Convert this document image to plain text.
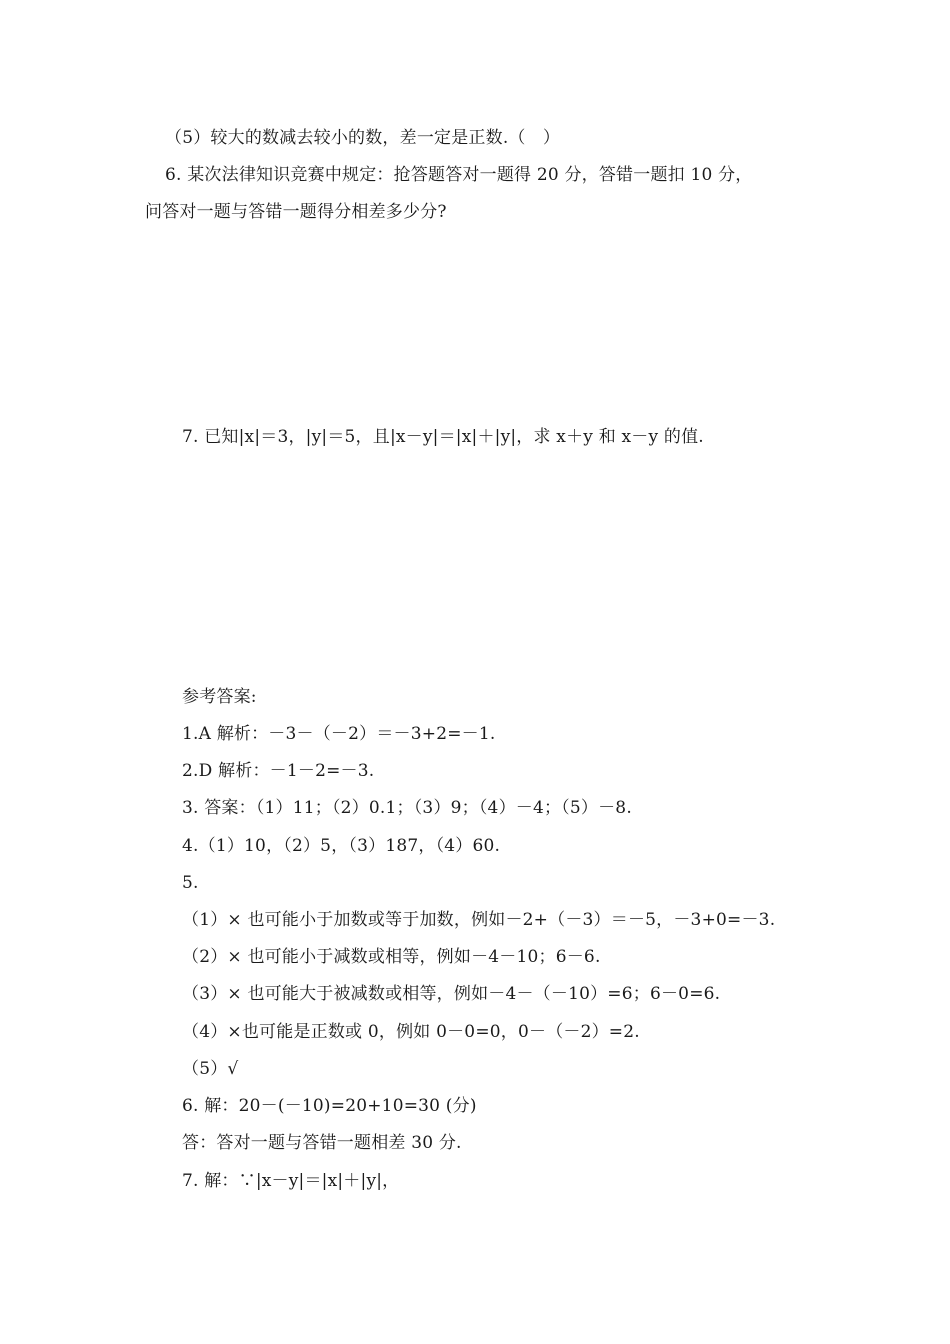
（5）较大的数减去较小的数，差一定是正数.（　）
6. 某次法律知识竞赛中规定：抢答题答对一题得 20 分，答错一题扣 10 分，
问答对一题与答错一题得分相差多少分?
7. 已知|x|＝3，|y|＝5，且|x－y|＝|x|＋|y|，求 x＋y 和 x－y 的值.
参考答案:
1.A 解析：－3－（－2）＝－3+2=－1.
2.D 解析：－1－2=－3.
3. 答案：（1）11；（2）0.1；（3）9；（4）－4；（5）－8.
4.（1）10，（2）5，（3）187，（4）60.
5.
（1）× 也可能小于加数或等于加数，例如－2+（－3）＝－5，－3+0=－3.
（2）× 也可能小于减数或相等，例如－4－10；6－6.
（3）× 也可能大于被减数或相等，例如－4－（－10）=6；6－0=6.
（4）×也可能是正数或 0，例如 0－0=0，0－（－2）=2.
（5）√
6. 解：20－(－10)=20+10=30 (分)
答：答对一题与答错一题相差 30 分.
7. 解：∵|x－y|＝|x|＋|y|，
